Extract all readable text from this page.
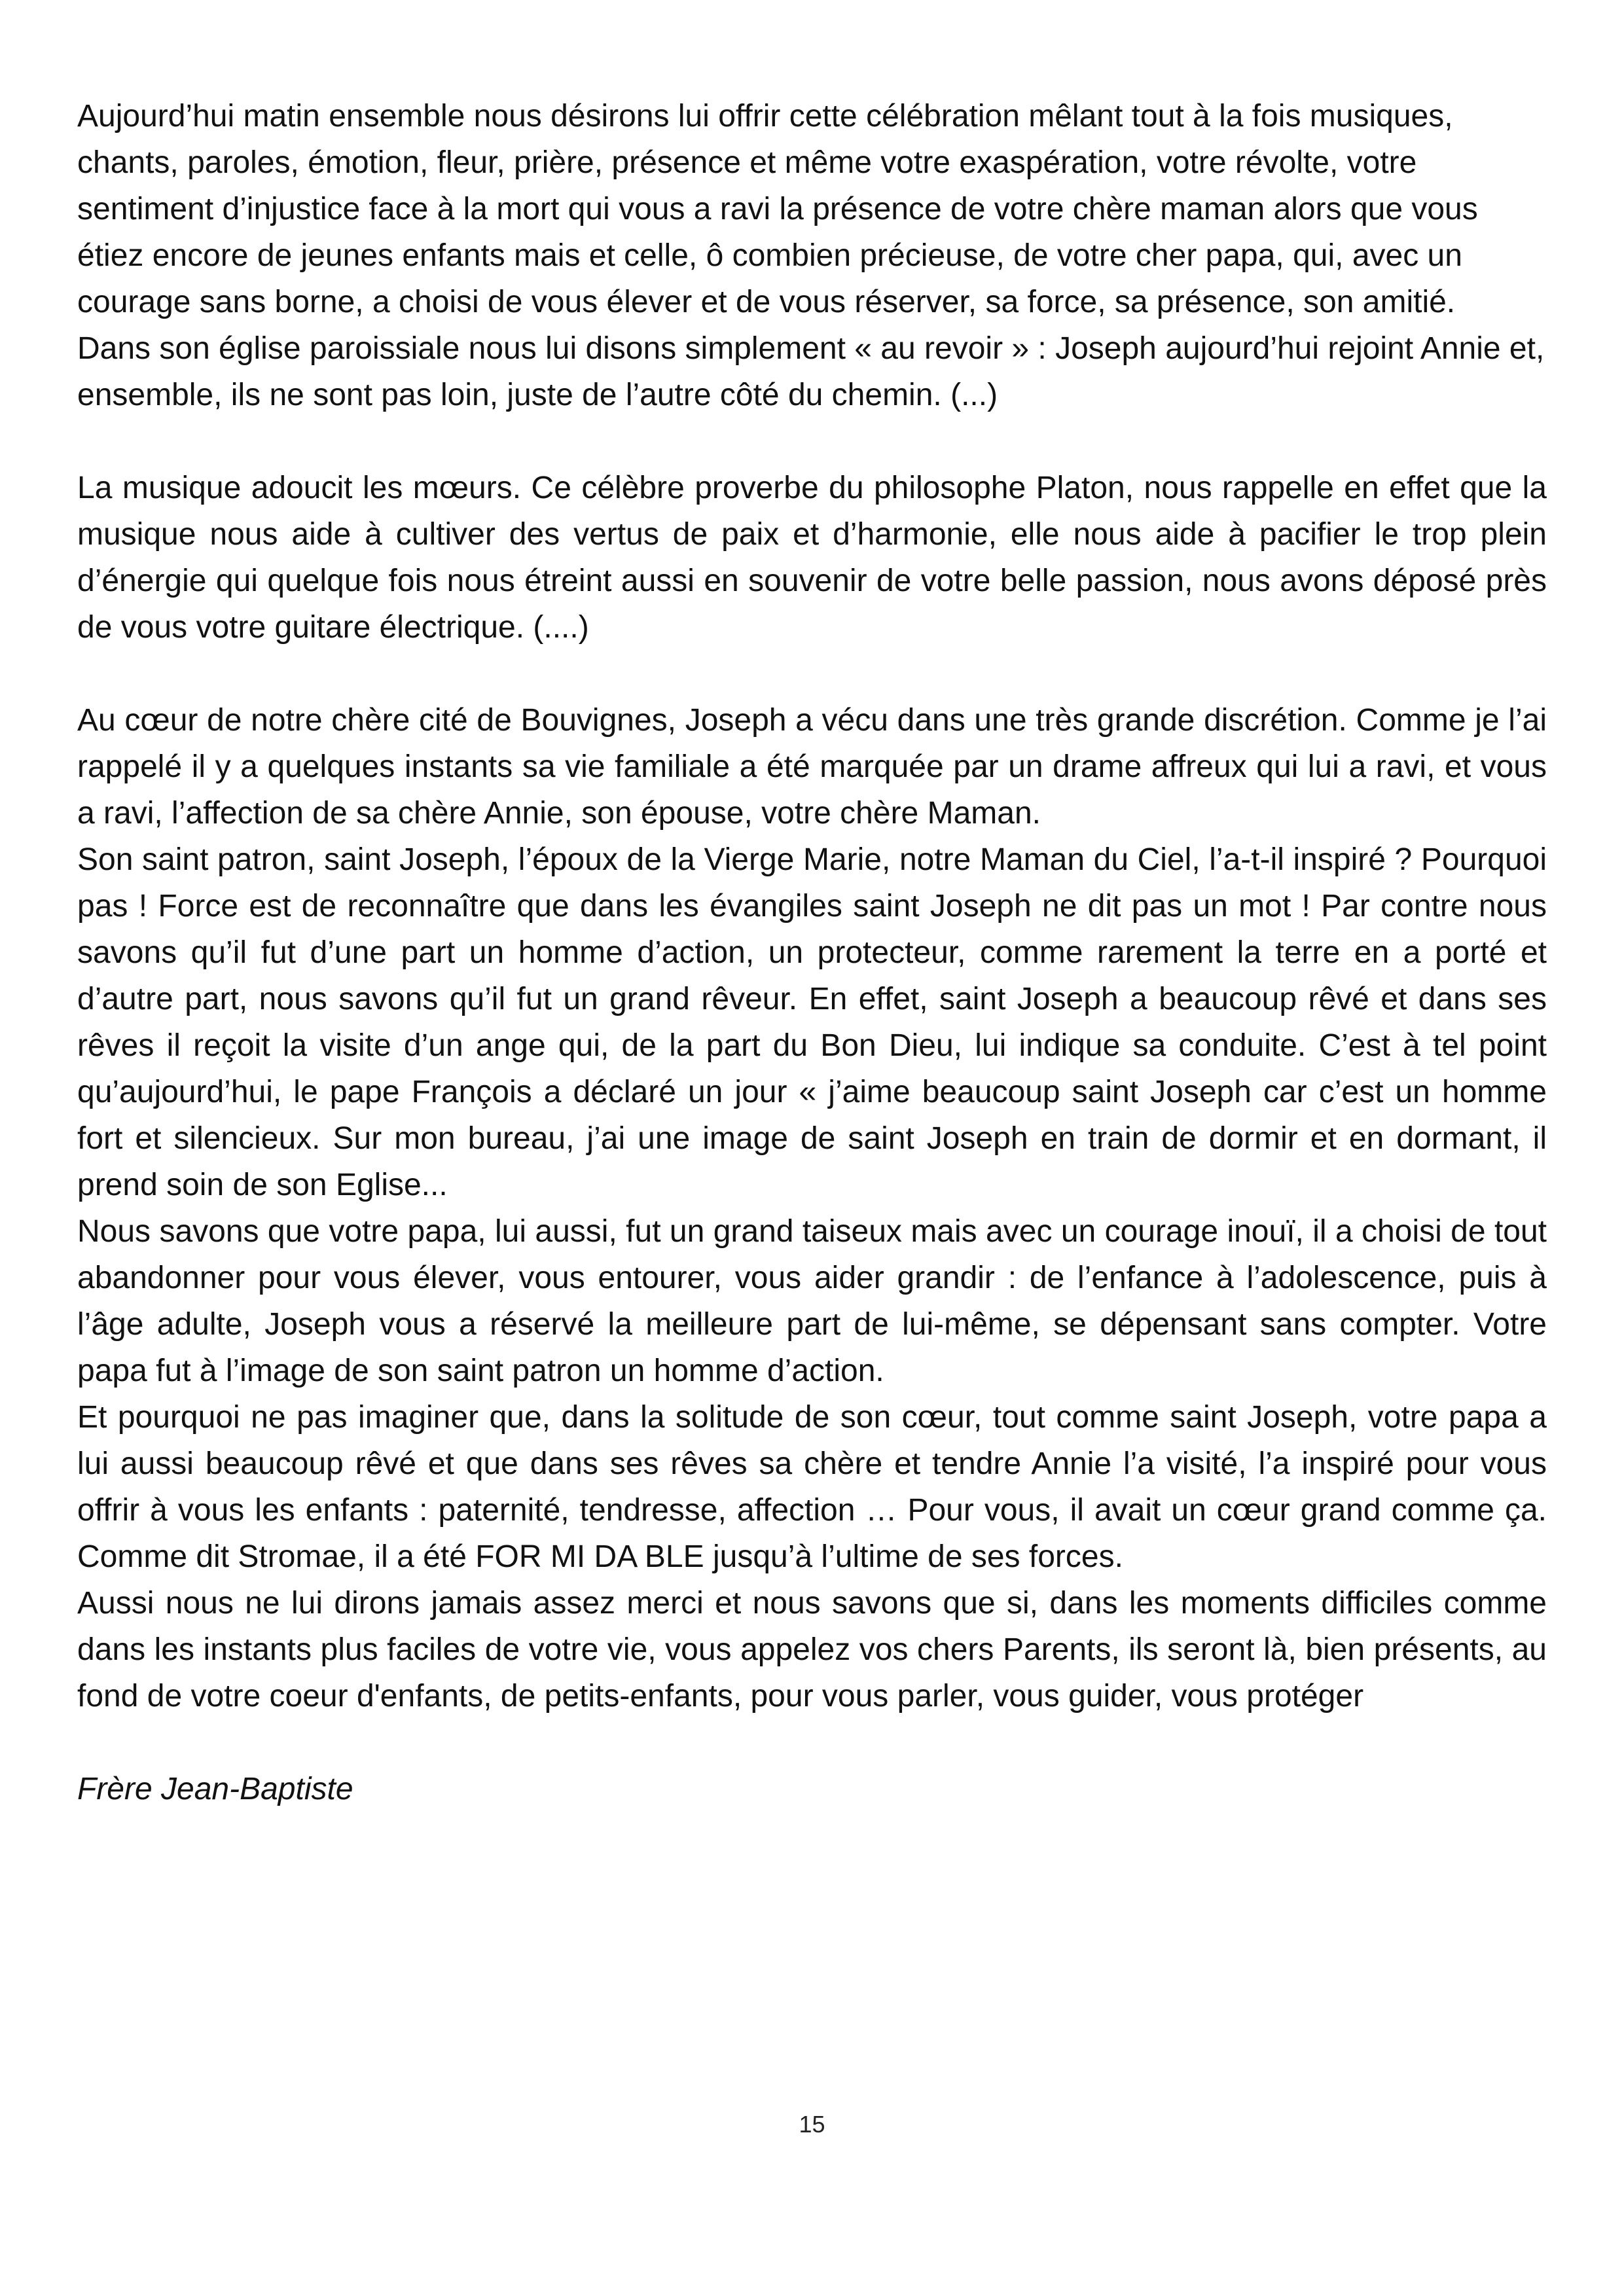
Aujourd’hui matin ensemble nous désirons lui offrir cette célébration mêlant tout à la fois musiques, chants, paroles, émotion, fleur, prière, présence et même votre exaspération, votre révolte, votre sentiment d’injustice face à la mort qui vous a ravi la présence de votre chère maman alors que vous étiez encore de jeunes enfants mais et celle, ô combien précieuse, de votre cher papa, qui, avec un courage sans borne, a choisi de vous élever et de vous réserver, sa force, sa présence, son amitié.

Dans son église paroissiale nous lui disons simplement « au revoir » : Joseph aujourd’hui rejoint Annie et, ensemble, ils ne sont pas loin, juste de l’autre côté du chemin. (...)

La musique adoucit les mœurs. Ce célèbre proverbe du philosophe Platon, nous rappelle en effet que la musique nous aide à cultiver des vertus de paix et d’harmonie, elle nous aide à pacifier le trop plein d’énergie qui quelque fois nous étreint aussi en souvenir de votre belle passion, nous avons déposé près de vous votre guitare électrique. (....)

Au cœur de notre chère cité de Bouvignes, Joseph a vécu dans une très grande discrétion. Comme je l’ai rappelé il y a quelques instants sa vie familiale a été marquée par un drame affreux qui lui a ravi, et vous a ravi, l’affection de sa chère Annie, son épouse, votre chère Maman.

Son saint patron, saint Joseph, l’époux de la Vierge Marie, notre Maman du Ciel, l’a-t-il inspiré ? Pourquoi pas ! Force est de reconnaître que dans les évangiles saint Joseph ne dit pas un mot ! Par contre nous savons qu’il fut d’une part un homme d’action, un protecteur, comme rarement la terre en a porté et d’autre part, nous savons qu’il fut un grand rêveur. En effet, saint Joseph a beaucoup rêvé et dans ses rêves il reçoit la visite d’un ange qui, de la part du Bon Dieu, lui indique sa conduite. C’est à tel point qu’aujourd’hui, le pape François a déclaré un jour « j’aime beaucoup saint Joseph car c’est un homme fort et silencieux. Sur mon bureau, j’ai une image de saint Joseph en train de dormir et en dormant, il prend soin de son Eglise...

Nous savons que votre papa, lui aussi, fut un grand taiseux mais avec un courage inouï, il a choisi de tout abandonner pour vous élever, vous entourer, vous aider grandir : de l’enfance à l’adolescence, puis à l’âge adulte, Joseph vous a réservé la meilleure part de lui-même, se dépensant sans compter. Votre papa fut à l’image de son saint patron un homme d’action.

Et pourquoi ne pas imaginer que, dans la solitude de son cœur, tout comme saint Joseph, votre papa a lui aussi beaucoup rêvé et que dans ses rêves sa chère et tendre Annie l’a visité, l’a inspiré pour vous offrir à vous les enfants : paternité, tendresse, affection … Pour vous, il avait un cœur grand comme ça. Comme dit Stromae, il a été FOR MI DA BLE jusqu’à l’ultime de ses forces.

Aussi nous ne lui dirons jamais assez merci et nous savons que si, dans les moments difficiles comme dans les instants plus faciles de votre vie, vous appelez vos chers Parents, ils seront là, bien présents, au fond de votre coeur d'enfants, de petits-enfants, pour vous parler, vous guider, vous protéger

Frère Jean-Baptiste

15
